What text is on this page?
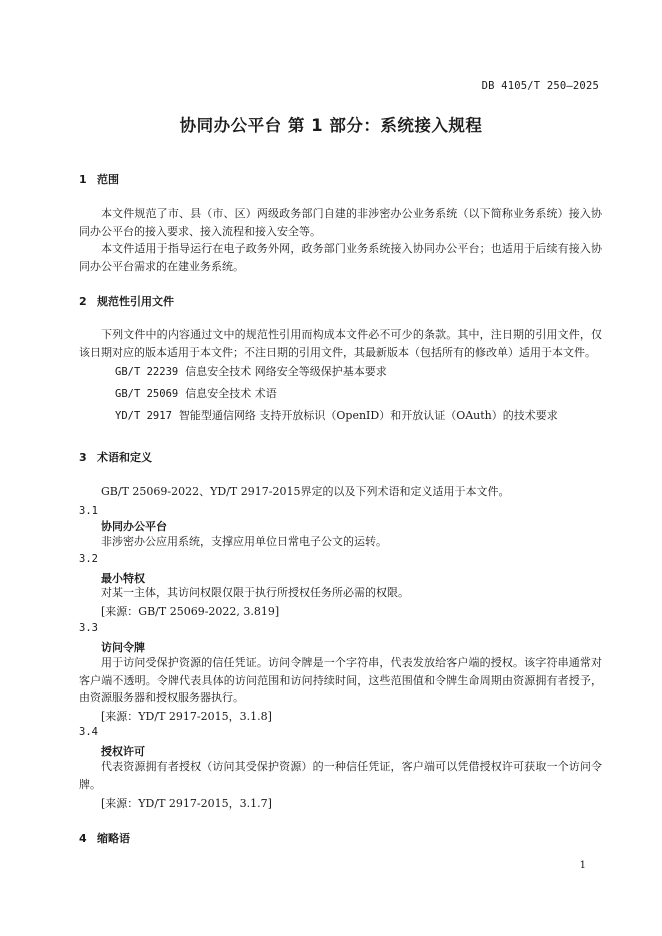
DB 4105/T 250—2025
协同办公平台 第 1 部分：系统接入规程
1 范围
本文件规范了市、县（市、区）两级政务部门自建的非涉密办公业务系统（以下简称业务系统）接入协同办公平台的接入要求、接入流程和接入安全等。
本文件适用于指导运行在电子政务外网，政务部门业务系统接入协同办公平台；也适用于后续有接入协同办公平台需求的在建业务系统。
2 规范性引用文件
下列文件中的内容通过文中的规范性引用而构成本文件必不可少的条款。其中，注日期的引用文件，仅该日期对应的版本适用于本文件；不注日期的引用文件，其最新版本（包括所有的修改单）适用于本文件。

GB/T 22239 信息安全技术 网络安全等级保护基本要求

GB/T 25069 信息安全技术 术语

YD/T 2917 智能型通信网络 支持开放标识（OpenID）和开放认证（OAuth）的技术要求

3 术语和定义
GB/T 25069-2022、YD/T 2917-2015界定的以及下列术语和定义适用于本文件。
3.1
协同办公平台
非涉密办公应用系统，支撑应用单位日常电子公文的运转。
3.2
最小特权
对某一主体，其访问权限仅限于执行所授权任务所必需的权限。
[来源：GB/T 25069-2022, 3.819]
3.3
访问令牌
用于访问受保护资源的信任凭证。访问令牌是一个字符串，代表发放给客户端的授权。该字符串通常对客户端不透明。令牌代表具体的访问范围和访问持续时间，这些范围值和令牌生命周期由资源拥有者授予，由资源服务器和授权服务器执行。
[来源：YD/T 2917-2015，3.1.8]
3.4
授权许可
代表资源拥有者授权（访问其受保护资源）的一种信任凭证，客户端可以凭借授权许可获取一个访问令牌。
[来源：YD/T 2917-2015，3.1.7]
4 缩略语
1
